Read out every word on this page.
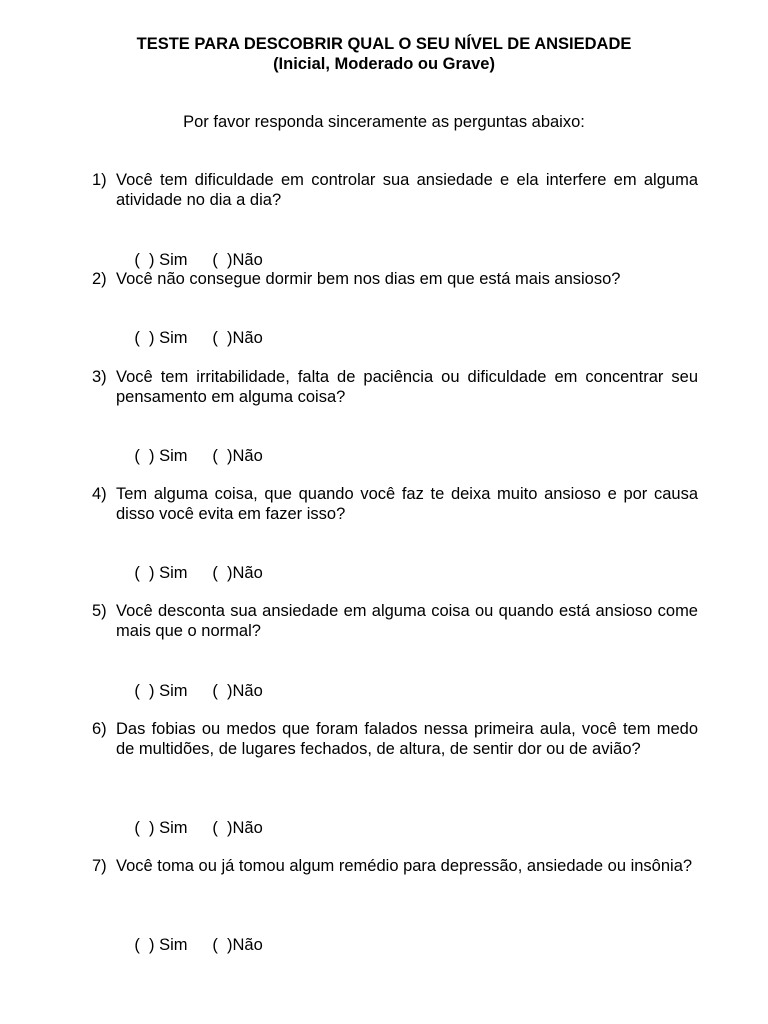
TESTE PARA DESCOBRIR QUAL O SEU NÍVEL DE ANSIEDADE
(Inicial, Moderado ou Grave)
Por favor responda sinceramente as perguntas abaixo:
1) Você tem dificuldade em controlar sua ansiedade e ela interfere em alguma atividade no dia a dia?

(  ) Sim (  )Não

2) Você não consegue dormir bem nos dias em que está mais ansioso?

(  ) Sim (  )Não

3) Você tem irritabilidade, falta de paciência ou dificuldade em concentrar seu pensamento em alguma coisa?

(  ) Sim (  )Não

4) Tem alguma coisa, que quando você faz te deixa muito ansioso e por causa disso você evita em fazer isso?

(  ) Sim (  )Não

5) Você desconta sua ansiedade em alguma coisa ou quando está ansioso come mais que o normal?

(  ) Sim (  )Não

6) Das fobias ou medos que foram falados nessa primeira aula, você tem medo de multidões, de lugares fechados, de altura, de sentir dor ou de avião?

(  ) Sim (  )Não

7) Você toma ou já tomou algum remédio para depressão, ansiedade ou insônia?

(  ) Sim (  )Não
